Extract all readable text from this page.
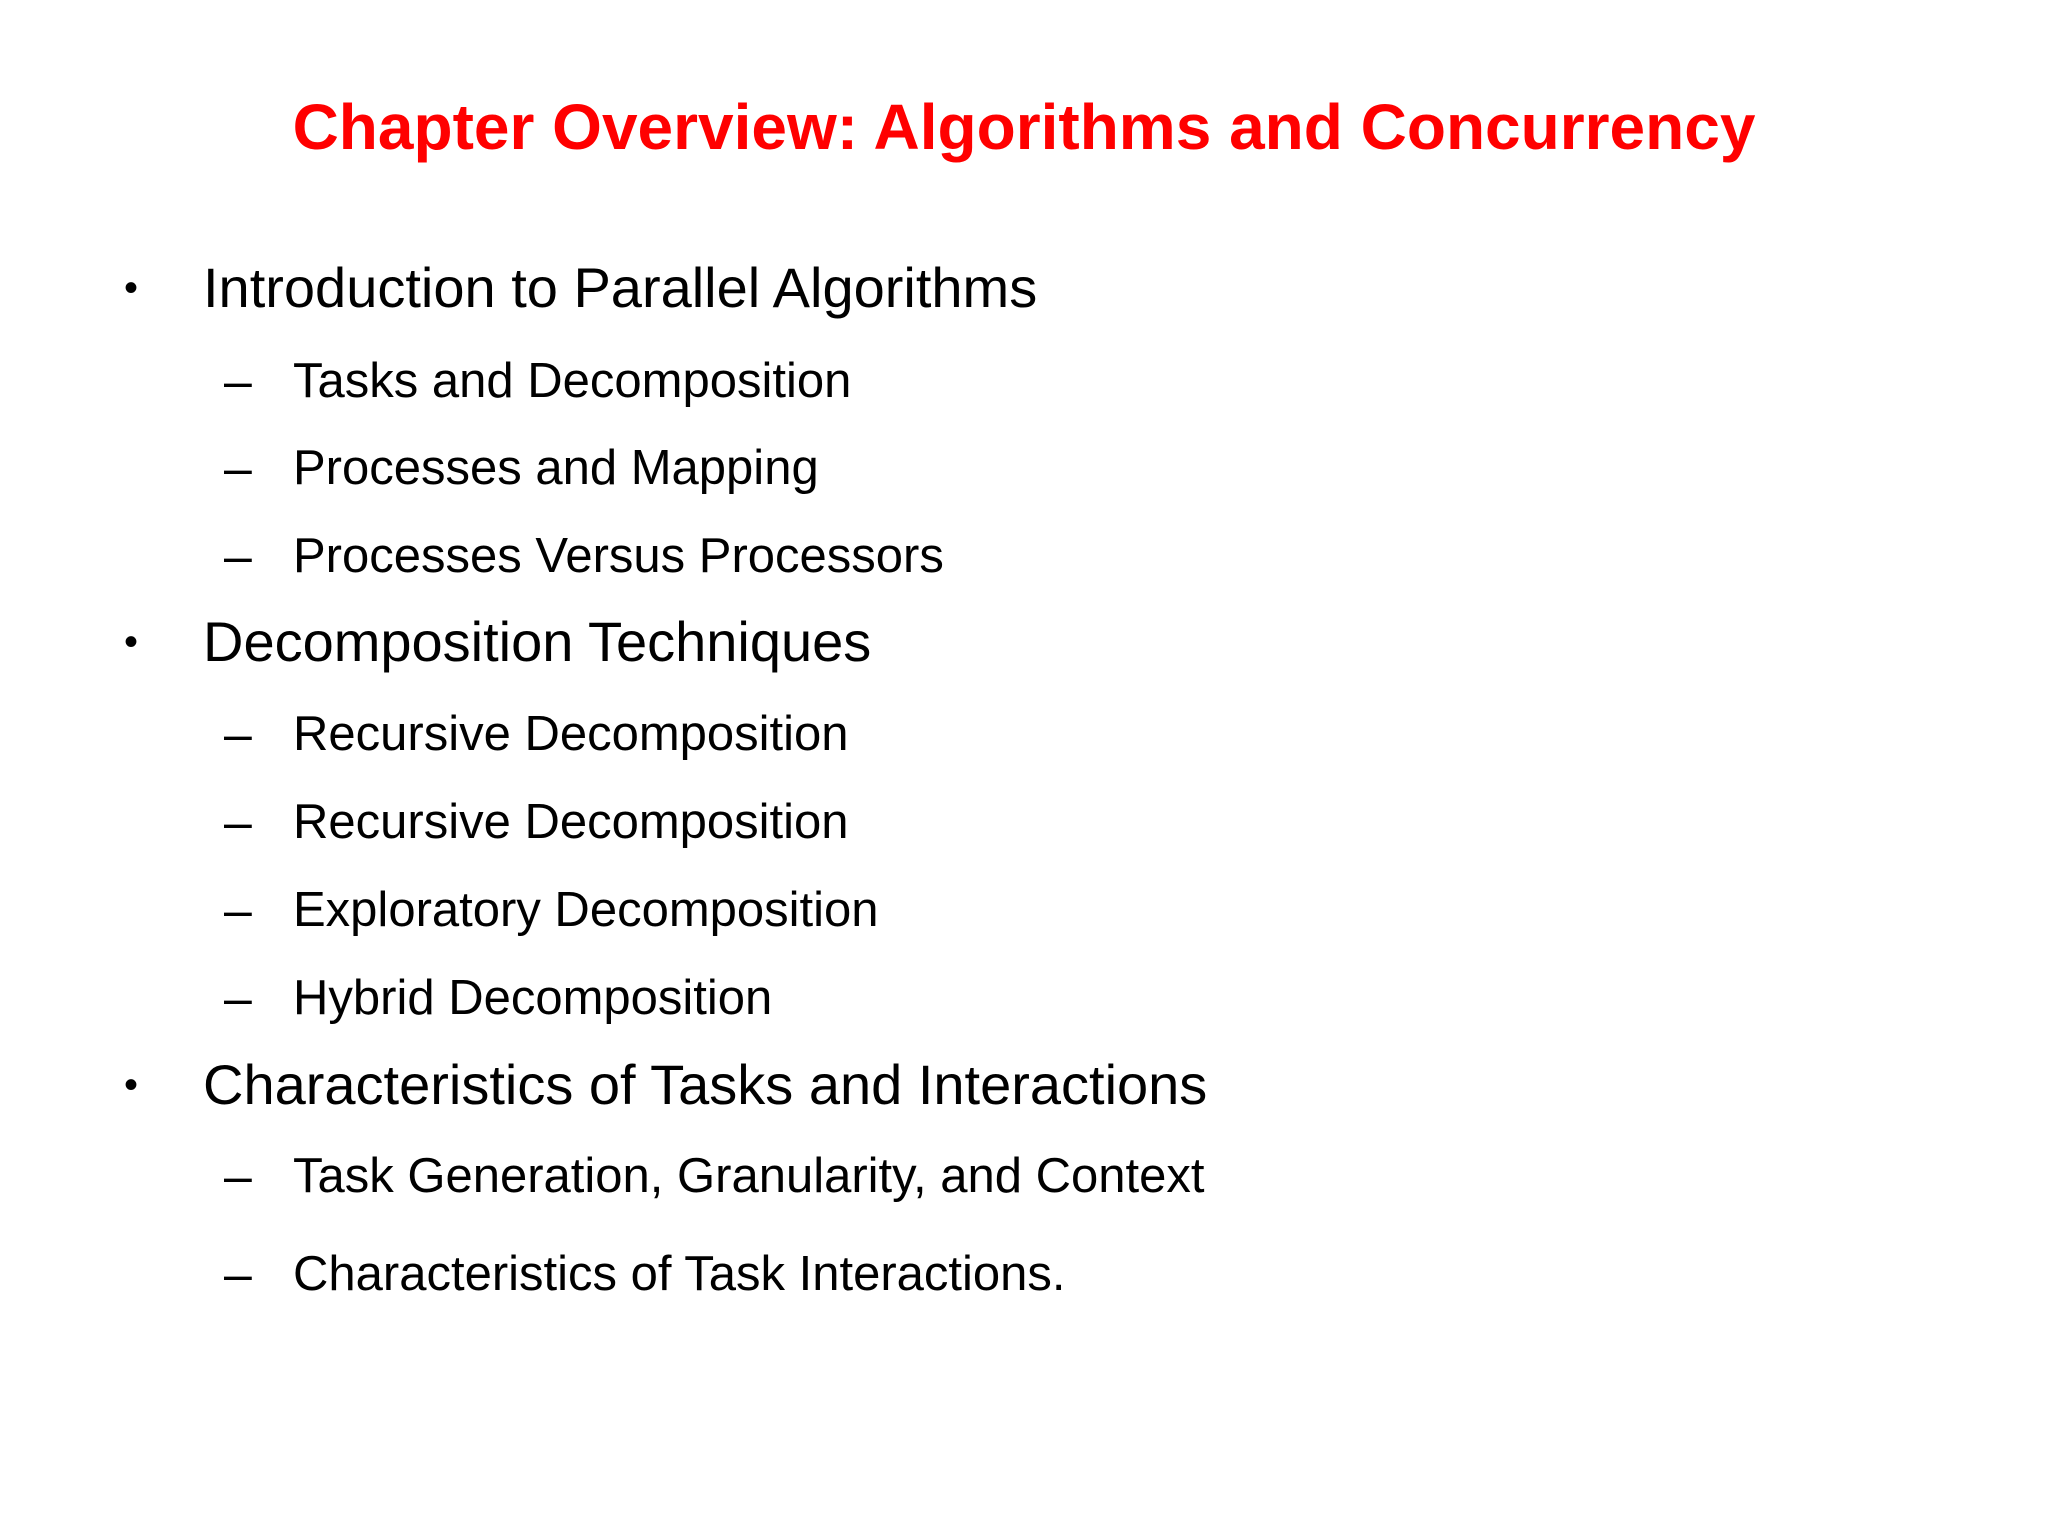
Chapter Overview: Algorithms and Concurrency
• Introduction to Parallel Algorithms
– Tasks and Decomposition
– Processes and Mapping
– Processes Versus Processors
• Decomposition Techniques
– Recursive Decomposition
– Recursive Decomposition
– Exploratory Decomposition
– Hybrid Decomposition
• Characteristics of Tasks and Interactions
– Task Generation, Granularity, and Context
– Characteristics of Task Interactions.
